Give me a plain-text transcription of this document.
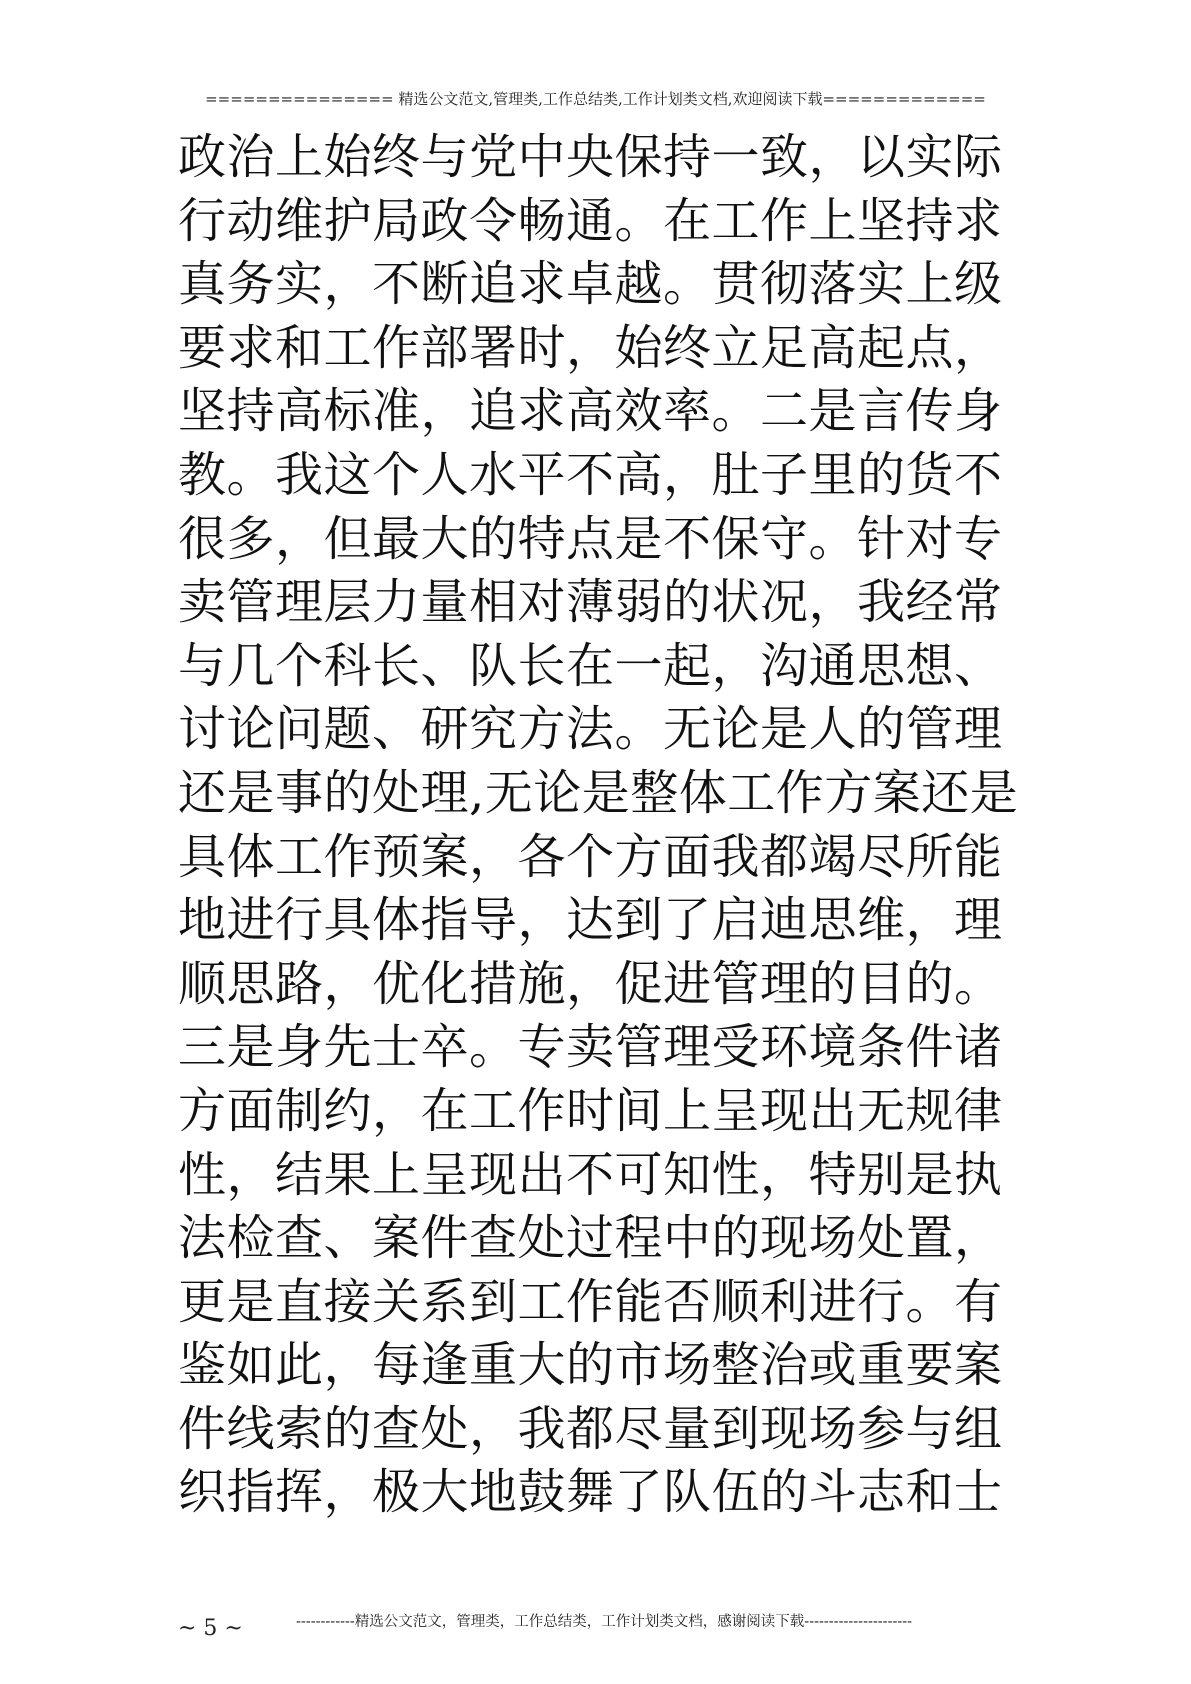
=============== 精选公文范文,管理类,工作总结类,工作计划类文档,欢迎阅读下载=============
政治上始终与党中央保持一致，以实际
行动维护局政令畅通。在工作上坚持求
真务实，不断追求卓越。贯彻落实上级
要求和工作部署时，始终立足高起点，
坚持高标准，追求高效率。二是言传身
教。我这个人水平不高，肚子里的货不
很多，但最大的特点是不保守。针对专
卖管理层力量相对薄弱的状况，我经常
与几个科长、队长在一起，沟通思想、
讨论问题、研究方法。无论是人的管理
还是事的处理,无论是整体工作方案还是
具体工作预案，各个方面我都竭尽所能
地进行具体指导，达到了启迪思维，理
顺思路，优化措施，促进管理的目的。
三是身先士卒。专卖管理受环境条件诸
方面制约，在工作时间上呈现出无规律
性，结果上呈现出不可知性，特别是执
法检查、案件查处过程中的现场处置，
更是直接关系到工作能否顺利进行。有
鉴如此，每逢重大的市场整治或重要案
件线索的查处，我都尽量到现场参与组
织指挥，极大地鼓舞了队伍的斗志和士
------------精选公文范文，管理类，工作总结类，工作计划类文档，感谢阅读下载----------------------
~ 5 ~
